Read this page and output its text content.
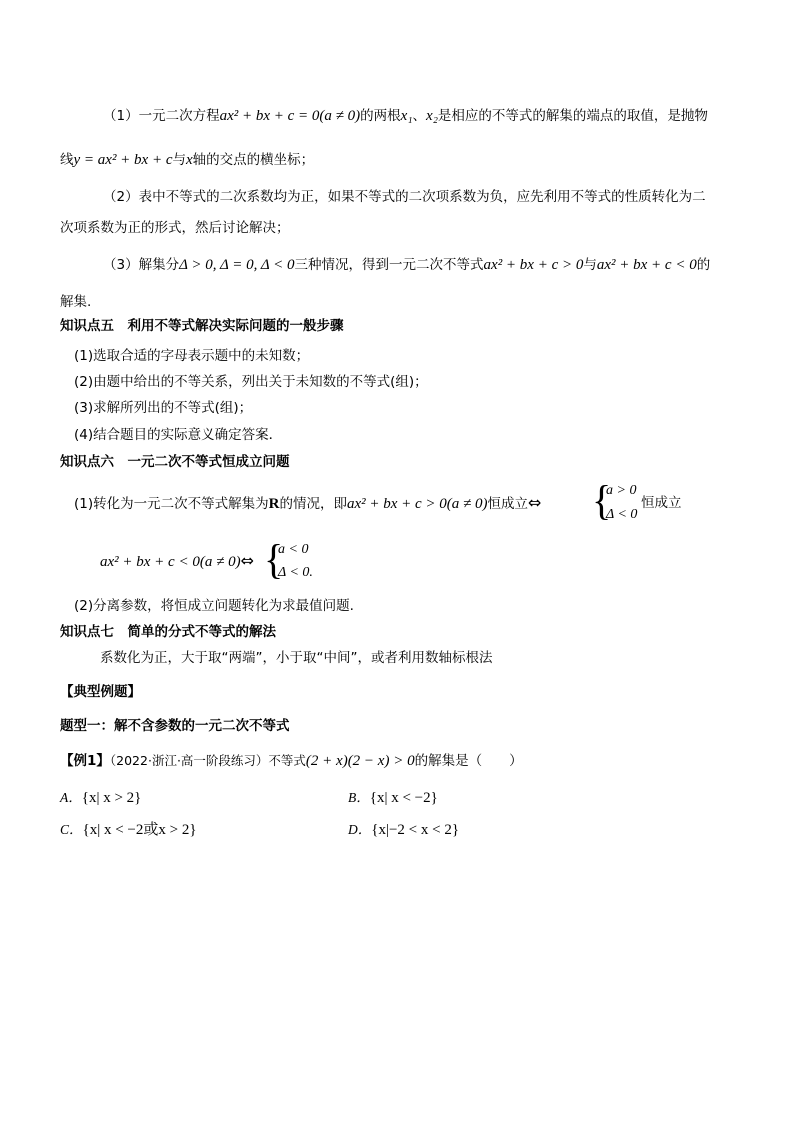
（1）一元二次方程ax² + bx + c = 0(a ≠ 0)的两根x₁、x₂是相应的不等式的解集的端点的取值，是抛物
线y = ax² + bx + c与x轴的交点的横坐标；
（2）表中不等式的二次系数均为正，如果不等式的二次项系数为负，应先利用不等式的性质转化为二
次项系数为正的形式，然后讨论解决；
（3）解集分Δ > 0, Δ = 0, Δ < 0三种情况，得到一元二次不等式ax² + bx + c > 0与ax² + bx + c < 0的
解集.
知识点五　利用不等式解决实际问题的一般步骤
(1)选取合适的字母表示题中的未知数；
(2)由题中给出的不等关系，列出关于未知数的不等式(组)；
(3)求解所列出的不等式(组)；
(4)结合题目的实际意义确定答案．
知识点六　一元二次不等式恒成立问题
(1)转化为一元二次不等式解集为R的情况，即ax² + bx + c > 0(a ≠ 0)恒成立⇔ {
a > 0
Δ < 0
恒成立
ax² + bx + c < 0(a ≠ 0)⇔ {
a < 0
Δ < 0.
(2)分离参数，将恒成立问题转化为求最值问题.
知识点七　简单的分式不等式的解法
系数化为正，大于取“两端”，小于取“中间”，或者利用数轴标根法
【典型例题】
题型一：解不含参数的一元二次不等式
【例1】（2022·浙江·高一阶段练习）不等式(2 + x)(2 − x) > 0的解集是（　　）
A．{x| x > 2}	B．{x| x < −2}
C．{x| x < −2或x > 2}	D．{x|−2 < x < 2}
